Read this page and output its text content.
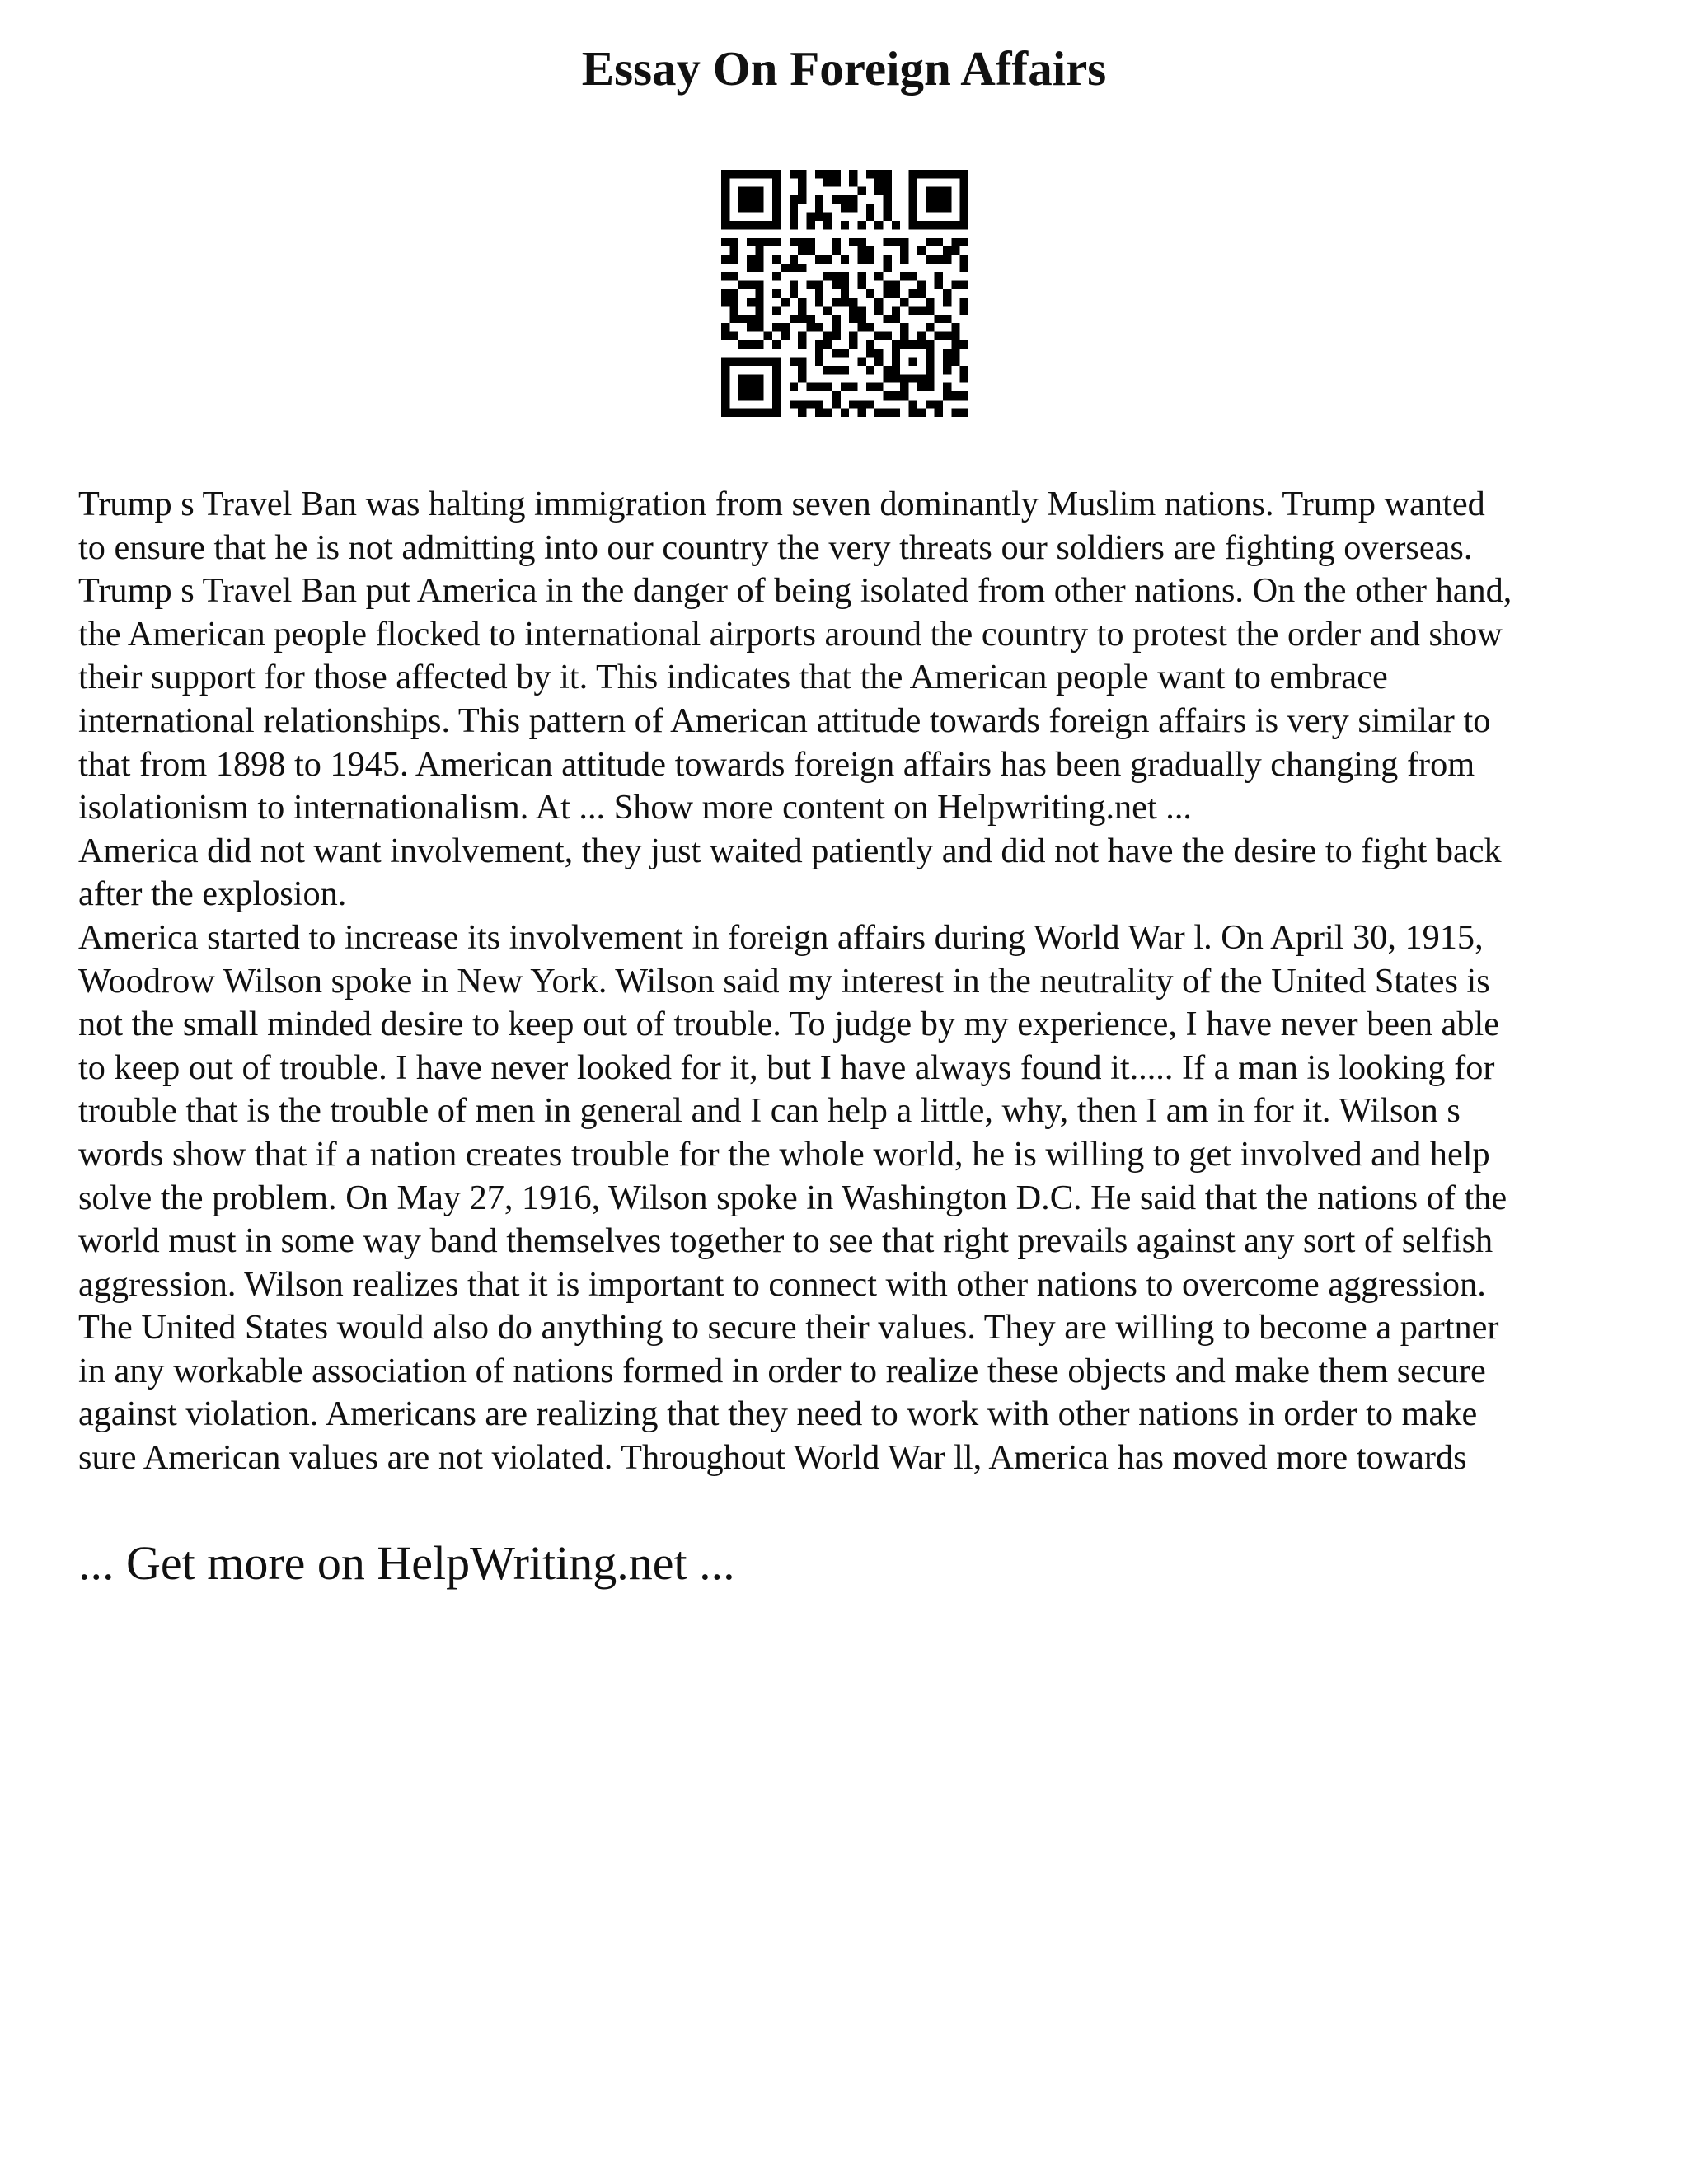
Essay On Foreign Affairs

Trump s Travel Ban was halting immigration from seven dominantly Muslim nations. Trump wanted
to ensure that he is not admitting into our country the very threats our soldiers are fighting overseas.
Trump s Travel Ban put America in the danger of being isolated from other nations. On the other hand,
the American people flocked to international airports around the country to protest the order and show
their support for those affected by it. This indicates that the American people want to embrace
international relationships. This pattern of American attitude towards foreign affairs is very similar to
that from 1898 to 1945. American attitude towards foreign affairs has been gradually changing from
isolationism to internationalism. At ... Show more content on Helpwriting.net ...

America did not want involvement, they just waited patiently and did not have the desire to fight back
after the explosion.

America started to increase its involvement in foreign affairs during World War l. On April 30, 1915,
Woodrow Wilson spoke in New York. Wilson said my interest in the neutrality of the United States is
not the small minded desire to keep out of trouble. To judge by my experience, I have never been able
to keep out of trouble. I have never looked for it, but I have always found it..... If a man is looking for
trouble that is the trouble of men in general and I can help a little, why, then I am in for it. Wilson s
words show that if a nation creates trouble for the whole world, he is willing to get involved and help
solve the problem. On May 27, 1916, Wilson spoke in Washington D.C. He said that the nations of the
world must in some way band themselves together to see that right prevails against any sort of selfish
aggression. Wilson realizes that it is important to connect with other nations to overcome aggression.
The United States would also do anything to secure their values. They are willing to become a partner
in any workable association of nations formed in order to realize these objects and make them secure
against violation. Americans are realizing that they need to work with other nations in order to make
sure American values are not violated. Throughout World War ll, America has moved more towards

... Get more on HelpWriting.net ...
